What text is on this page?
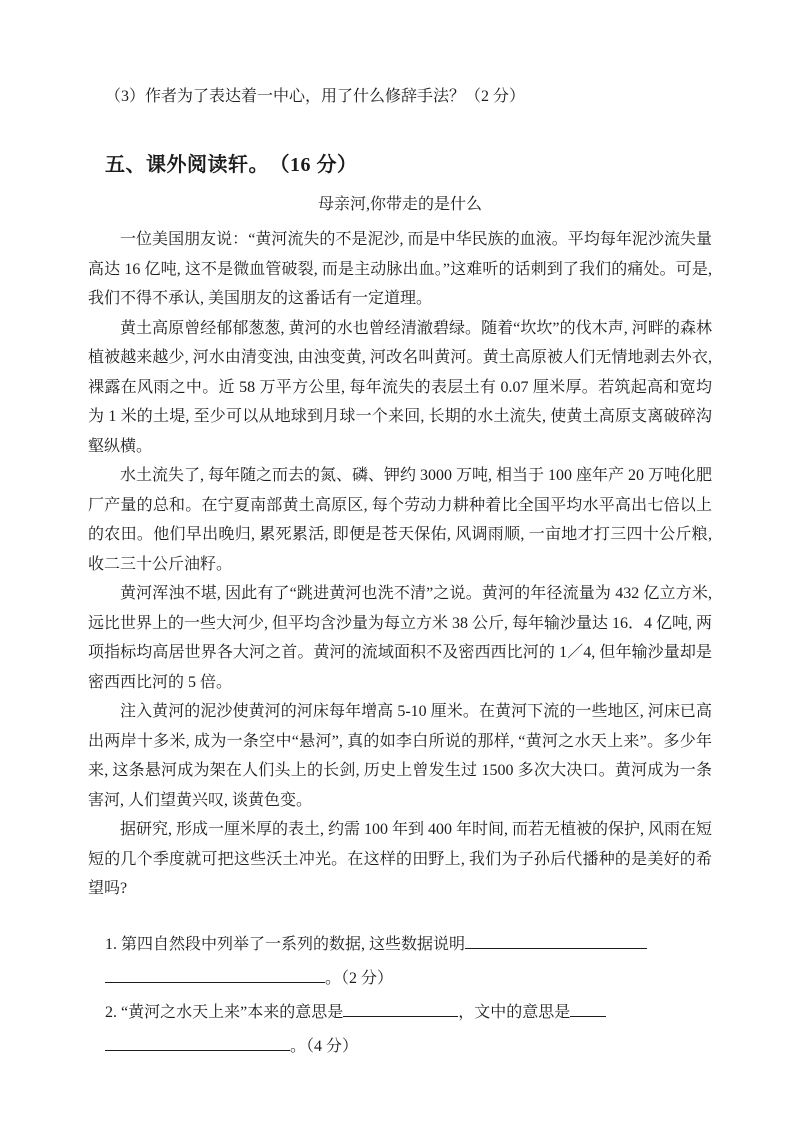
（3）作者为了表达着一中心，用了什么修辞手法？（2 分）

五、课外阅读轩。　（16 分）
母亲河,你带走的是什么

一位美国朋友说：“黄河流失的不是泥沙, 而是中华民族的血液。平均每年泥沙流失量高达 16 亿吨, 这不是微血管破裂, 而是主动脉出血。”这难听的话刺到了我们的痛处。可是, 我们不得不承认, 美国朋友的这番话有一定道理。

黄土高原曾经郁郁葱葱, 黄河的水也曾经清澈碧绿。随着“坎坎”的伐木声, 河畔的森林植被越来越少, 河水由清变浊, 由浊变黄, 河改名叫黄河。黄土高原被人们无情地剥去外衣, 裸露在风雨之中。近 58 万平方公里, 每年流失的表层土有 0.07 厘米厚。若筑起高和宽均为 1 米的土堤, 至少可以从地球到月球一个来回, 长期的水土流失, 使黄土高原支离破碎沟壑纵横。

水土流失了, 每年随之而去的氮、磷、钾约 3000 万吨, 相当于 100 座年产 20 万吨化肥厂产量的总和。在宁夏南部黄土高原区, 每个劳动力耕种着比全国平均水平高出七倍以上的农田。他们早出晚归, 累死累活, 即便是苍天保佑, 风调雨顺, 一亩地才打三四十公斤粮, 收二三十公斤油籽。

黄河浑浊不堪, 因此有了“跳进黄河也洗不清”之说。黄河的年径流量为 432 亿立方米, 远比世界上的一些大河少, 但平均含沙量为每立方米 38 公斤, 每年输沙量达 16．4 亿吨, 两项指标均高居世界各大河之首。黄河的流域面积不及密西西比河的 1／4, 但年输沙量却是密西西比河的 5 倍。

注入黄河的泥沙使黄河的河床每年增高 5-10 厘米。在黄河下流的一些地区, 河床已高出两岸十多米, 成为一条空中“悬河”, 真的如李白所说的那样, “黄河之水天上来”。多少年来, 这条悬河成为架在人们头上的长剑, 历史上曾发生过 1500 多次大决口。黄河成为一条害河, 人们望黄兴叹, 谈黄色变。

据研究, 形成一厘米厚的表土, 约需 100 年到 400 年时间, 而若无植被的保护, 风雨在短短的几个季度就可把这些沃土冲光。在这样的田野上, 我们为子孙后代播种的是美好的希望吗?

1. 第四自然段中列举了一系列的数据, 这些数据说明
。（2 分）

2. “黄河之水天上来”本来的意思是	，文中的意思是
。（4 分）
